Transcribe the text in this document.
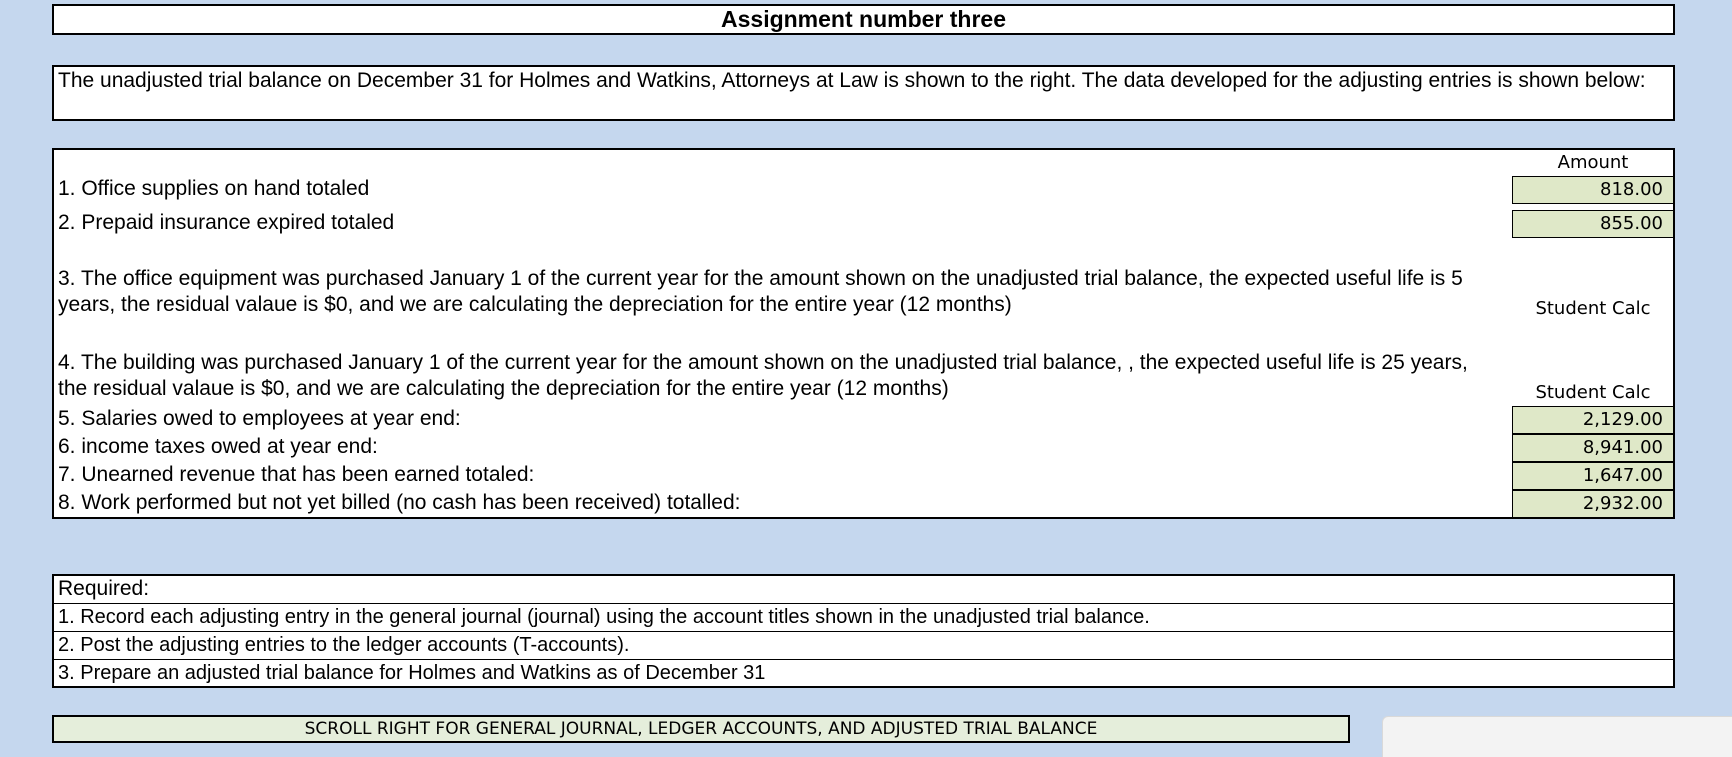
Assignment number three
The unadjusted trial balance on December 31 for Holmes and Watkins, Attorneys at Law is shown to the right. The data developed for the adjusting entries is shown below:
Amount
1. Office supplies on hand totaled	818.00
2. Prepaid insurance expired totaled	855.00
3. The office equipment was purchased January 1 of the current year for the amount shown on the unadjusted trial balance, the expected useful life is 5 years, the residual valaue is $0, and we are calculating the depreciation for the entire year (12 months)	Student Calc
4. The building was purchased January 1 of the current year for the amount shown on the unadjusted trial balance, , the expected useful life is 25 years, the residual valaue is $0, and we are calculating the depreciation for the entire year (12 months)	Student Calc
5. Salaries owed to employees at year end:	2,129.00
6. income taxes owed at year end:	8,941.00
7. Unearned revenue that has been earned totaled:	1,647.00
8. Work performed but not yet billed (no cash has been received) totalled:	2,932.00
Required:
1. Record each adjusting entry in the general journal (journal) using the account titles shown in the unadjusted trial balance.
2. Post the adjusting entries to the ledger accounts (T-accounts).
3. Prepare an adjusted trial balance for Holmes and Watkins as of December 31
SCROLL RIGHT FOR GENERAL JOURNAL, LEDGER ACCOUNTS, AND ADJUSTED TRIAL BALANCE
